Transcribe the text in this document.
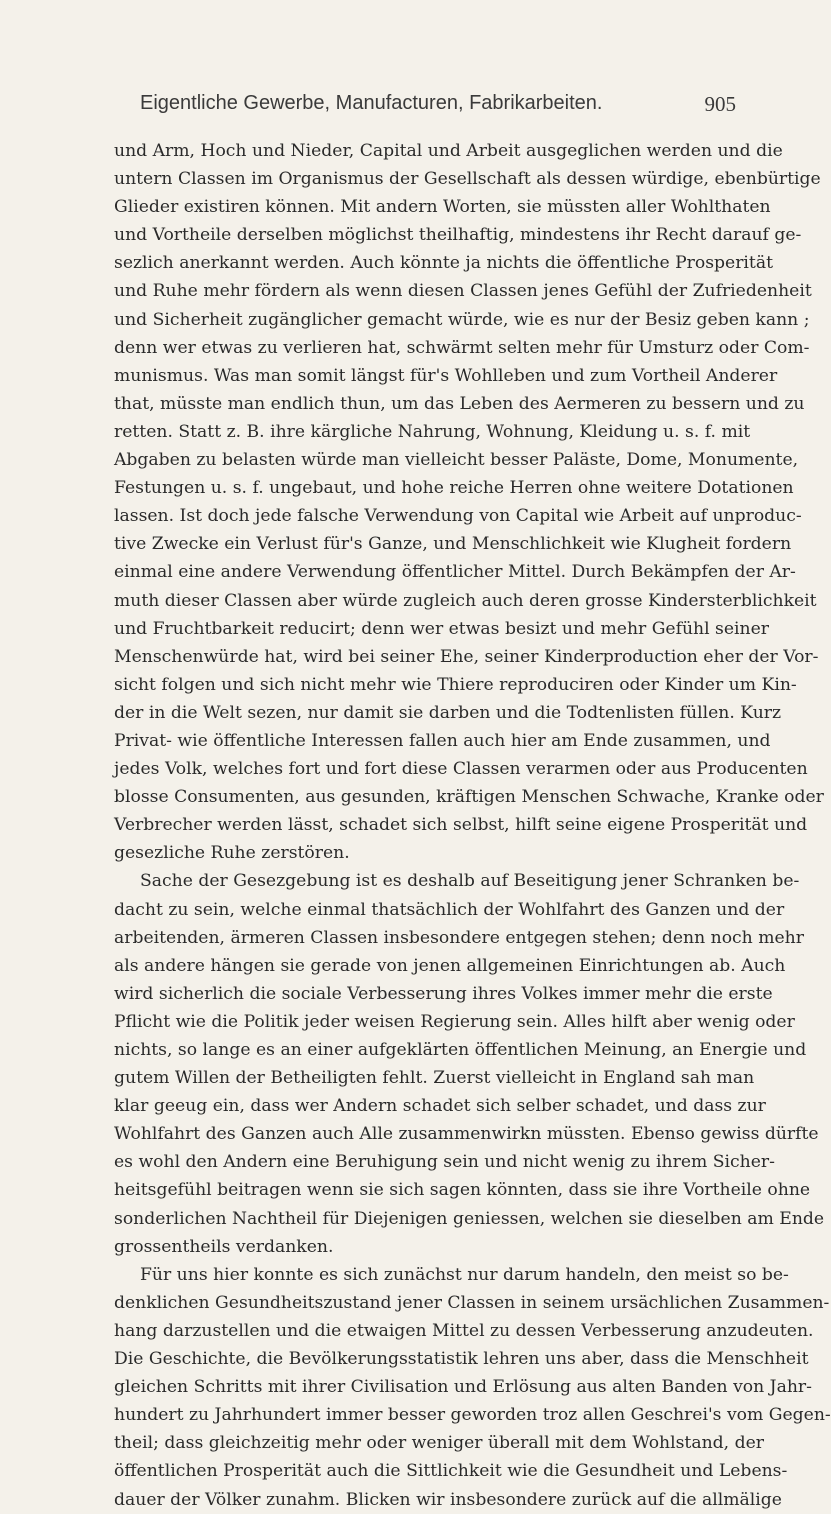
Eigentliche Gewerbe, Manufacturen, Fabrikarbeiten.	905
und Arm, Hoch und Nieder, Capital und Arbeit ausgeglichen werden und die
untern Classen im Organismus der Gesellschaft als dessen würdige, ebenbürtige
Glieder existiren können. Mit andern Worten, sie müssten aller Wohlthaten
und Vortheile derselben möglichst theilhaftig, mindestens ihr Recht darauf ge-
sezlich anerkannt werden. Auch könnte ja nichts die öffentliche Prosperität
und Ruhe mehr fördern als wenn diesen Classen jenes Gefühl der Zufriedenheit
und Sicherheit zugänglicher gemacht würde, wie es nur der Besiz geben kann ;
denn wer etwas zu verlieren hat, schwärmt selten mehr für Umsturz oder Com-
munismus. Was man somit längst für's Wohlleben und zum Vortheil Anderer
that, müsste man endlich thun, um das Leben des Aermeren zu bessern und zu
retten. Statt z. B. ihre kärgliche Nahrung, Wohnung, Kleidung u. s. f. mit
Abgaben zu belasten würde man vielleicht besser Paläste, Dome, Monumente,
Festungen u. s. f. ungebaut, und hohe reiche Herren ohne weitere Dotationen
lassen. Ist doch jede falsche Verwendung von Capital wie Arbeit auf unproduc-
tive Zwecke ein Verlust für's Ganze, und Menschlichkeit wie Klugheit fordern
einmal eine andere Verwendung öffentlicher Mittel. Durch Bekämpfen der Ar-
muth dieser Classen aber würde zugleich auch deren grosse Kindersterblichkeit
und Fruchtbarkeit reducirt; denn wer etwas besizt und mehr Gefühl seiner
Menschenwürde hat, wird bei seiner Ehe, seiner Kinderproduction eher der Vor-
sicht folgen und sich nicht mehr wie Thiere reproduciren oder Kinder um Kin-
der in die Welt sezen, nur damit sie darben und die Todtenlisten füllen. Kurz
Privat- wie öffentliche Interessen fallen auch hier am Ende zusammen, und
jedes Volk, welches fort und fort diese Classen verarmen oder aus Producenten
blosse Consumenten, aus gesunden, kräftigen Menschen Schwache, Kranke oder
Verbrecher werden lässt, schadet sich selbst, hilft seine eigene Prosperität und
gesezliche Ruhe zerstören.
Sache der Gesezgebung ist es deshalb auf Beseitigung jener Schranken be-
dacht zu sein, welche einmal thatsächlich der Wohlfahrt des Ganzen und der
arbeitenden, ärmeren Classen insbesondere entgegen stehen; denn noch mehr
als andere hängen sie gerade von jenen allgemeinen Einrichtungen ab. Auch
wird sicherlich die sociale Verbesserung ihres Volkes immer mehr die erste
Pflicht wie die Politik jeder weisen Regierung sein. Alles hilft aber wenig oder
nichts, so lange es an einer aufgeklärten öffentlichen Meinung, an Energie und
gutem Willen der Betheiligten fehlt. Zuerst vielleicht in England sah man
klar geeug ein, dass wer Andern schadet sich selber schadet, und dass zur
Wohlfahrt des Ganzen auch Alle zusammenwirkn müssten. Ebenso gewiss dürfte
es wohl den Andern eine Beruhigung sein und nicht wenig zu ihrem Sicher-
heitsgefühl beitragen wenn sie sich sagen könnten, dass sie ihre Vortheile ohne
sonderlichen Nachtheil für Diejenigen geniessen, welchen sie dieselben am Ende
grossentheils verdanken.
Für uns hier konnte es sich zunächst nur darum handeln, den meist so be-
denklichen Gesundheitszustand jener Classen in seinem ursächlichen Zusammen-
hang darzustellen und die etwaigen Mittel zu dessen Verbesserung anzudeuten.
Die Geschichte, die Bevölkerungsstatistik lehren uns aber, dass die Menschheit
gleichen Schritts mit ihrer Civilisation und Erlösung aus alten Banden von Jahr-
hundert zu Jahrhundert immer besser geworden troz allen Geschrei's vom Gegen-
theil; dass gleichzeitig mehr oder weniger überall mit dem Wohlstand, der
öffentlichen Prosperität auch die Sittlichkeit wie die Gesundheit und Lebens-
dauer der Völker zunahm. Blicken wir insbesondere zurück auf die allmälige
